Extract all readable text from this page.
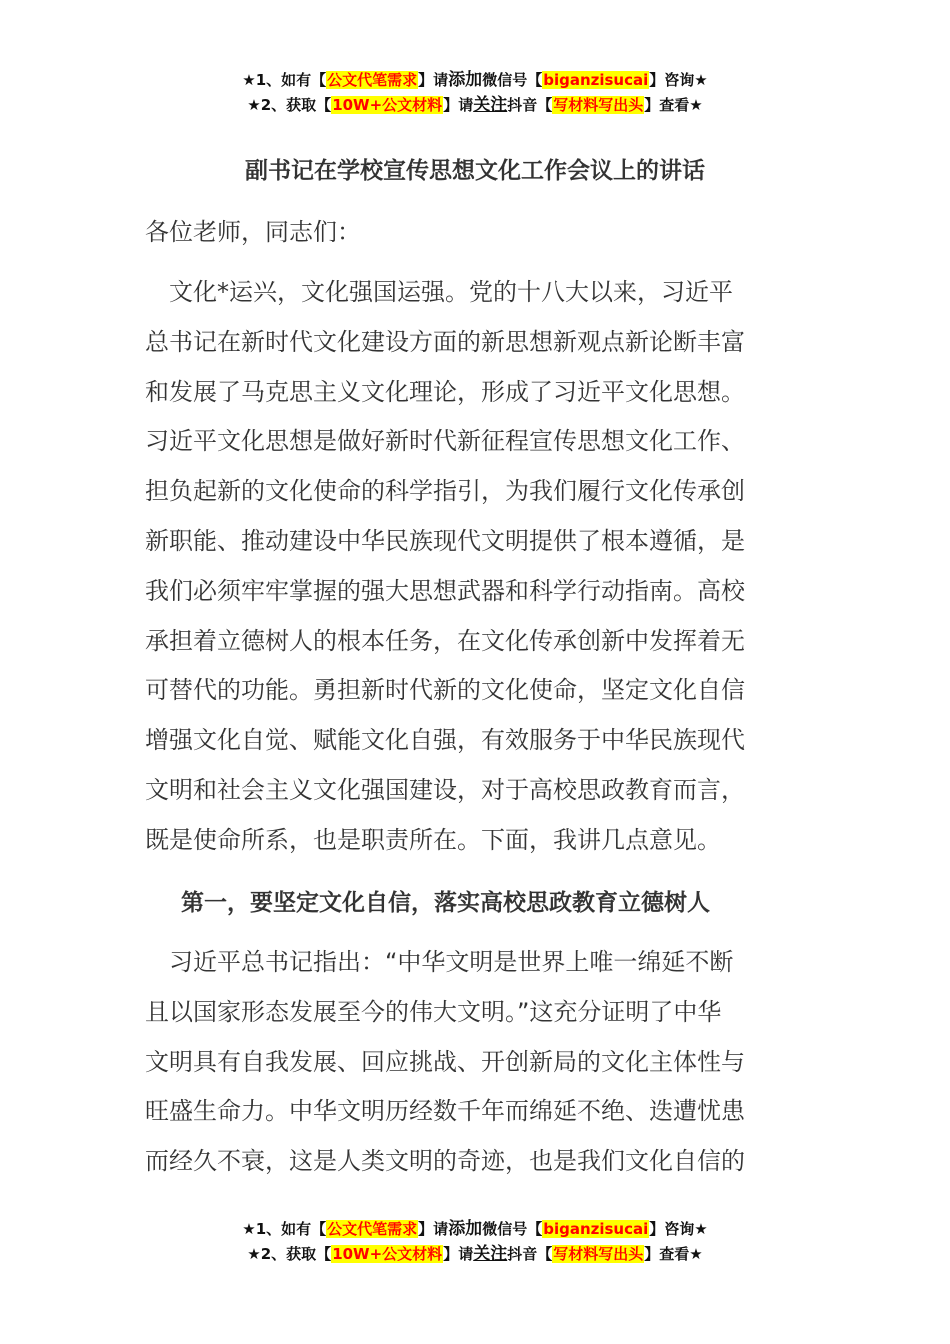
★1、如有【公文代笔需求】请添加微信号【biganzisucai】咨询★
★2、获取【10W+公文材料】请关注抖音【写材料写出头】查看★
副书记在学校宣传思想文化工作会议上的讲话
各位老师，同志们：
　文化*运兴，文化强国运强。党的十八大以来，习近平
总书记在新时代文化建设方面的新思想新观点新论断丰富
和发展了马克思主义文化理论，形成了习近平文化思想。
习近平文化思想是做好新时代新征程宣传思想文化工作、
担负起新的文化使命的科学指引，为我们履行文化传承创
新职能、推动建设中华民族现代文明提供了根本遵循，是
我们必须牢牢掌握的强大思想武器和科学行动指南。高校
承担着立德树人的根本任务，在文化传承创新中发挥着无
可替代的功能。勇担新时代新的文化使命，坚定文化自信
增强文化自觉、赋能文化自强，有效服务于中华民族现代
文明和社会主义文化强国建设，对于高校思政教育而言，
既是使命所系，也是职责所在。下面，我讲几点意见。
第一，要坚定文化自信，落实高校思政教育立德树人
　习近平总书记指出：“中华文明是世界上唯一绵延不断
且以国家形态发展至今的伟大文明。”这充分证明了中华
文明具有自我发展、回应挑战、开创新局的文化主体性与
旺盛生命力。中华文明历经数千年而绵延不绝、迭遭忧患
而经久不衰，这是人类文明的奇迹，也是我们文化自信的
★1、如有【公文代笔需求】请添加微信号【biganzisucai】咨询★
★2、获取【10W+公文材料】请关注抖音【写材料写出头】查看★
